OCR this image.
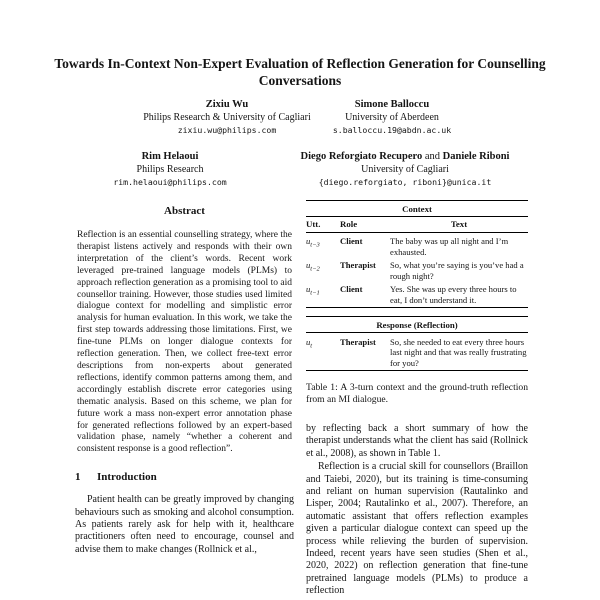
Towards In-Context Non-Expert Evaluation of Reflection Generation for Counselling Conversations
Zixiu Wu
Philips Research & University of Cagliari
zixiu.wu@philips.com
Simone Balloccu
University of Aberdeen
s.balloccu.19@abdn.ac.uk
Rim Helaoui
Philips Research
rim.helaoui@philips.com
Diego Reforgiato Recupero and Daniele Riboni
University of Cagliari
{diego.reforgiato, riboni}@unica.it
Abstract
Reflection is an essential counselling strategy, where the therapist listens actively and responds with their own interpretation of the client’s words. Recent work leveraged pre-trained language models (PLMs) to approach reflection generation as a promising tool to aid counsellor training. However, those studies used limited dialogue context for modelling and simplistic error analysis for human evaluation. In this work, we take the first step towards addressing those limitations. First, we fine-tune PLMs on longer dialogue contexts for reflection generation. Then, we collect free-text error descriptions from non-experts about generated reflections, identify common patterns among them, and accordingly establish discrete error categories using thematic analysis. Based on this scheme, we plan for future work a mass non-expert error annotation phase for generated reflections followed by an expert-based validation phase, namely “whether a coherent and consistent response is a good reflection”.
1 Introduction

Patient health can be greatly improved by changing behaviours such as smoking and alcohol consumption. As patients rarely ask for help with it, healthcare practitioners often need to encourage, counsel and advise them to make changes (Rollnick et al.,

Context
Utt.	Role	Text
$u_{t-3}$	Client	The baby was up all night and I’m exhausted.
$u_{t-2}$	Therapist	So, what you’re saying is you’ve had a rough night?
$u_{t-1}$	Client	Yes. She was up every three hours to eat, I don’t understand it.
Response (Reflection)
$u_t$	Therapist	So, she needed to eat every three hours last night and that was really frustrating for you?
Table 1: A 3-turn context and the ground-truth reflection from an MI dialogue.

by reflecting back a short summary of how the therapist understands what the client has said (Rollnick et al., 2008), as shown in Table 1.

Reflection is a crucial skill for counsellors (Braillon and Taiebi, 2020), but its training is time-consuming and reliant on human supervision (Rautalinko and Lisper, 2004; Rautalinko et al., 2007). Therefore, an automatic assistant that offers reflection examples given a particular dialogue context can speed up the process while relieving the burden of supervision. Indeed, recent years have seen studies (Shen et al., 2020, 2022) on reflection generation that fine-tune pretrained language models (PLMs) to produce a reflection
